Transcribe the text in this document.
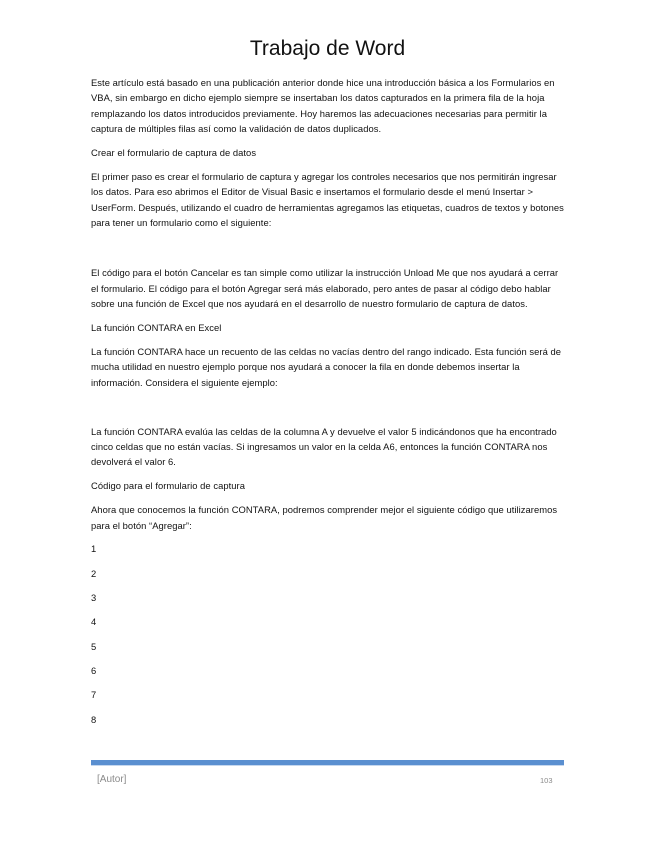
Trabajo de Word

Este artículo está basado en una publicación anterior donde hice una introducción básica a los Formularios en VBA, sin embargo en dicho ejemplo siempre se insertaban los datos capturados en la primera fila de la hoja remplazando los datos introducidos previamente. Hoy haremos las adecuaciones necesarias para permitir la captura de múltiples filas así como la validación de datos duplicados.

Crear el formulario de captura de datos

El primer paso es crear el formulario de captura y agregar los controles necesarios que nos permitirán ingresar los datos. Para eso abrimos el Editor de Visual Basic e insertamos el formulario desde el menú Insertar > UserForm. Después, utilizando el cuadro de herramientas agregamos las etiquetas, cuadros de textos y botones para tener un formulario como el siguiente:

El código para el botón Cancelar es tan simple como utilizar la instrucción Unload Me que nos ayudará a cerrar el formulario. El código para el botón Agregar será más elaborado, pero antes de pasar al código debo hablar sobre una función de Excel que nos ayudará en el desarrollo de nuestro formulario de captura de datos.

La función CONTARA en Excel

La función CONTARA hace un recuento de las celdas no vacías dentro del rango indicado. Esta función será de mucha utilidad en nuestro ejemplo porque nos ayudará a conocer la fila en donde debemos insertar la información. Considera el siguiente ejemplo:

La función CONTARA evalúa las celdas de la columna A y devuelve el valor 5 indicándonos que ha encontrado cinco celdas que no están vacías. Si ingresamos un valor en la celda A6, entonces la función CONTARA nos devolverá el valor 6.

Código para el formulario de captura

Ahora que conocemos la función CONTARA, podremos comprender mejor el siguiente código que utilizaremos para el botón “Agregar”:

1

2

3

4

5

6

7

8

[Autor]	103
